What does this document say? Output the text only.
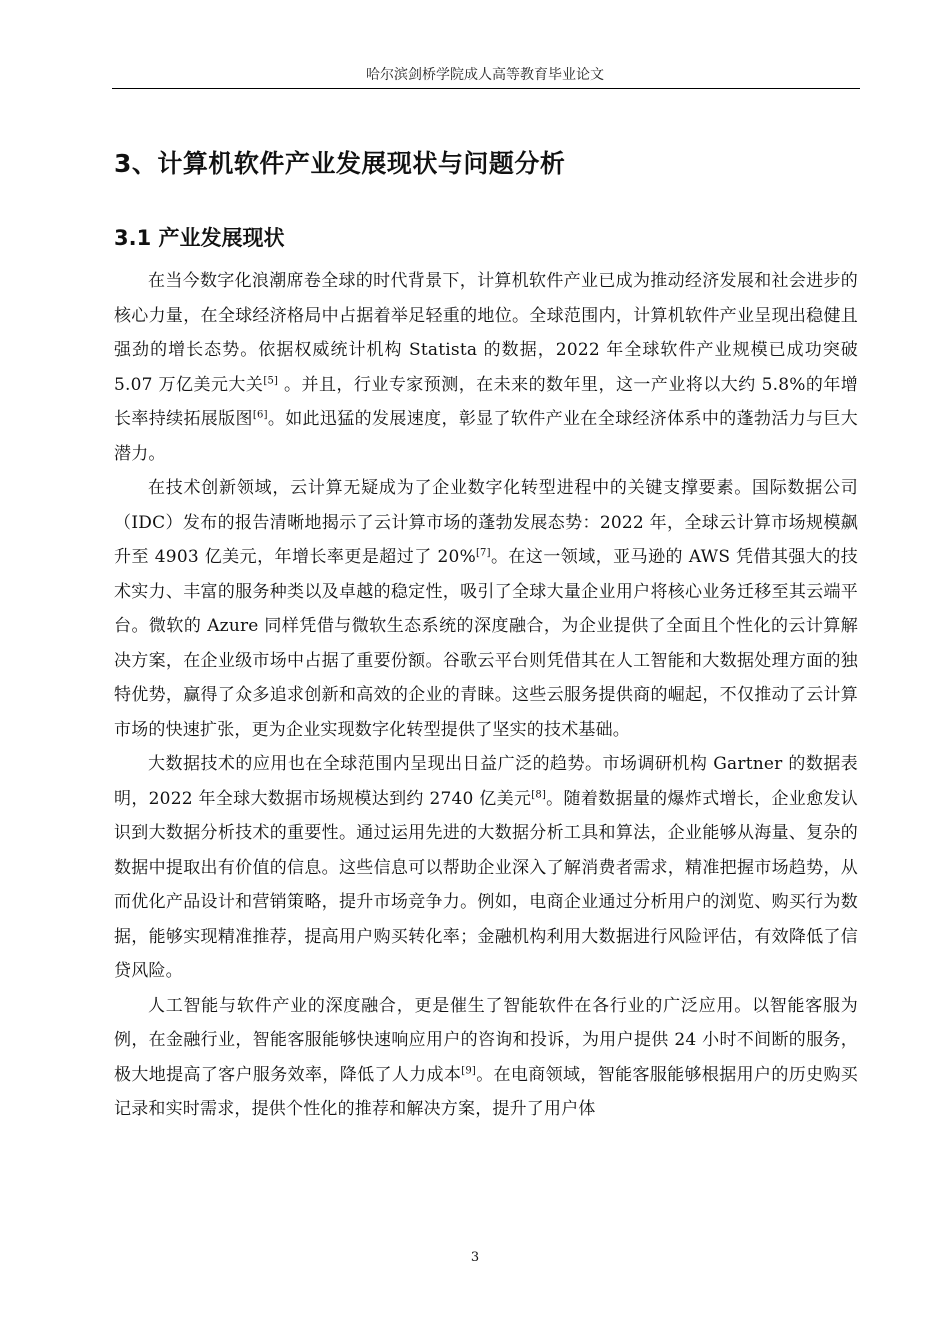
哈尔滨剑桥学院成人高等教育毕业论文
3、计算机软件产业发展现状与问题分析
3.1 产业发展现状

在当今数字化浪潮席卷全球的时代背景下，计算机软件产业已成为推动经济发展和社会进步的核心力量，在全球经济格局中占据着举足轻重的地位。全球范围内，计算机软件产业呈现出稳健且强劲的增长态势。依据权威统计机构 Statista 的数据，2022 年全球软件产业规模已成功突破 5.07 万亿美元大关[5] 。并且，行业专家预测，在未来的数年里，这一产业将以大约 5.8%的年增长率持续拓展版图[6]。如此迅猛的发展速度，彰显了软件产业在全球经济体系中的蓬勃活力与巨大潜力。

在技术创新领域，云计算无疑成为了企业数字化转型进程中的关键支撑要素。国际数据公司（IDC）发布的报告清晰地揭示了云计算市场的蓬勃发展态势：2022 年，全球云计算市场规模飙升至 4903 亿美元，年增长率更是超过了 20%[7]。在这一领域，亚马逊的 AWS 凭借其强大的技术实力、丰富的服务种类以及卓越的稳定性，吸引了全球大量企业用户将核心业务迁移至其云端平台。微软的 Azure 同样凭借与微软生态系统的深度融合，为企业提供了全面且个性化的云计算解决方案，在企业级市场中占据了重要份额。谷歌云平台则凭借其在人工智能和大数据处理方面的独特优势，赢得了众多追求创新和高效的企业的青睐。这些云服务提供商的崛起，不仅推动了云计算市场的快速扩张，更为企业实现数字化转型提供了坚实的技术基础。

大数据技术的应用也在全球范围内呈现出日益广泛的趋势。市场调研机构 Gartner 的数据表明，2022 年全球大数据市场规模达到约 2740 亿美元[8]。随着数据量的爆炸式增长，企业愈发认识到大数据分析技术的重要性。通过运用先进的大数据分析工具和算法，企业能够从海量、复杂的数据中提取出有价值的信息。这些信息可以帮助企业深入了解消费者需求，精准把握市场趋势，从而优化产品设计和营销策略，提升市场竞争力。例如，电商企业通过分析用户的浏览、购买行为数据，能够实现精准推荐，提高用户购买转化率；金融机构利用大数据进行风险评估，有效降低了信贷风险。

人工智能与软件产业的深度融合，更是催生了智能软件在各行业的广泛应用。以智能客服为例，在金融行业，智能客服能够快速响应用户的咨询和投诉，为用户提供 24 小时不间断的服务，极大地提高了客户服务效率，降低了人力成本[9]。在电商领域，智能客服能够根据用户的历史购买记录和实时需求，提供个性化的推荐和解决方案，提升了用户体

3
